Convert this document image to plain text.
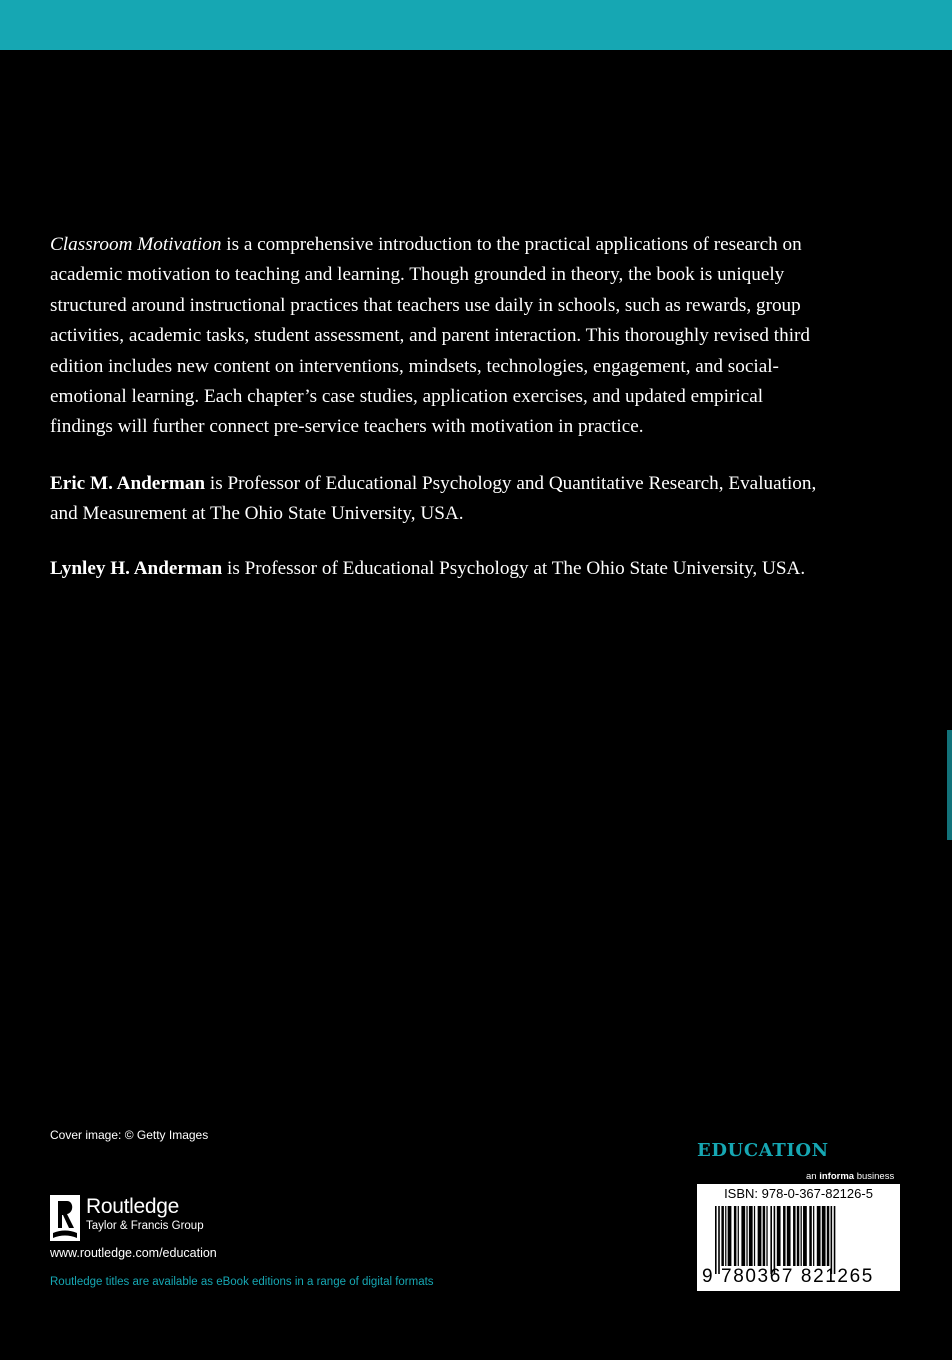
Classroom Motivation is a comprehensive introduction to the practical applications of research on academic motivation to teaching and learning. Though grounded in theory, the book is uniquely structured around instructional practices that teachers use daily in schools, such as rewards, group activities, academic tasks, student assessment, and parent interaction. This thoroughly revised third edition includes new content on interventions, mindsets, technologies, engagement, and social-emotional learning. Each chapter’s case studies, application exercises, and updated empirical findings will further connect pre-service teachers with motivation in practice.

Eric M. Anderman is Professor of Educational Psychology and Quantitative Research, Evaluation, and Measurement at The Ohio State University, USA.

Lynley H. Anderman is Professor of Educational Psychology at The Ohio State University, USA.

Cover image: © Getty Images
Routledge
Taylor & Francis Group
www.routledge.com/education
Routledge titles are available as eBook editions in a range of digital formats
EDUCATION
an informa business
ISBN: 978-0-367-82126-5
9 780367 821265
